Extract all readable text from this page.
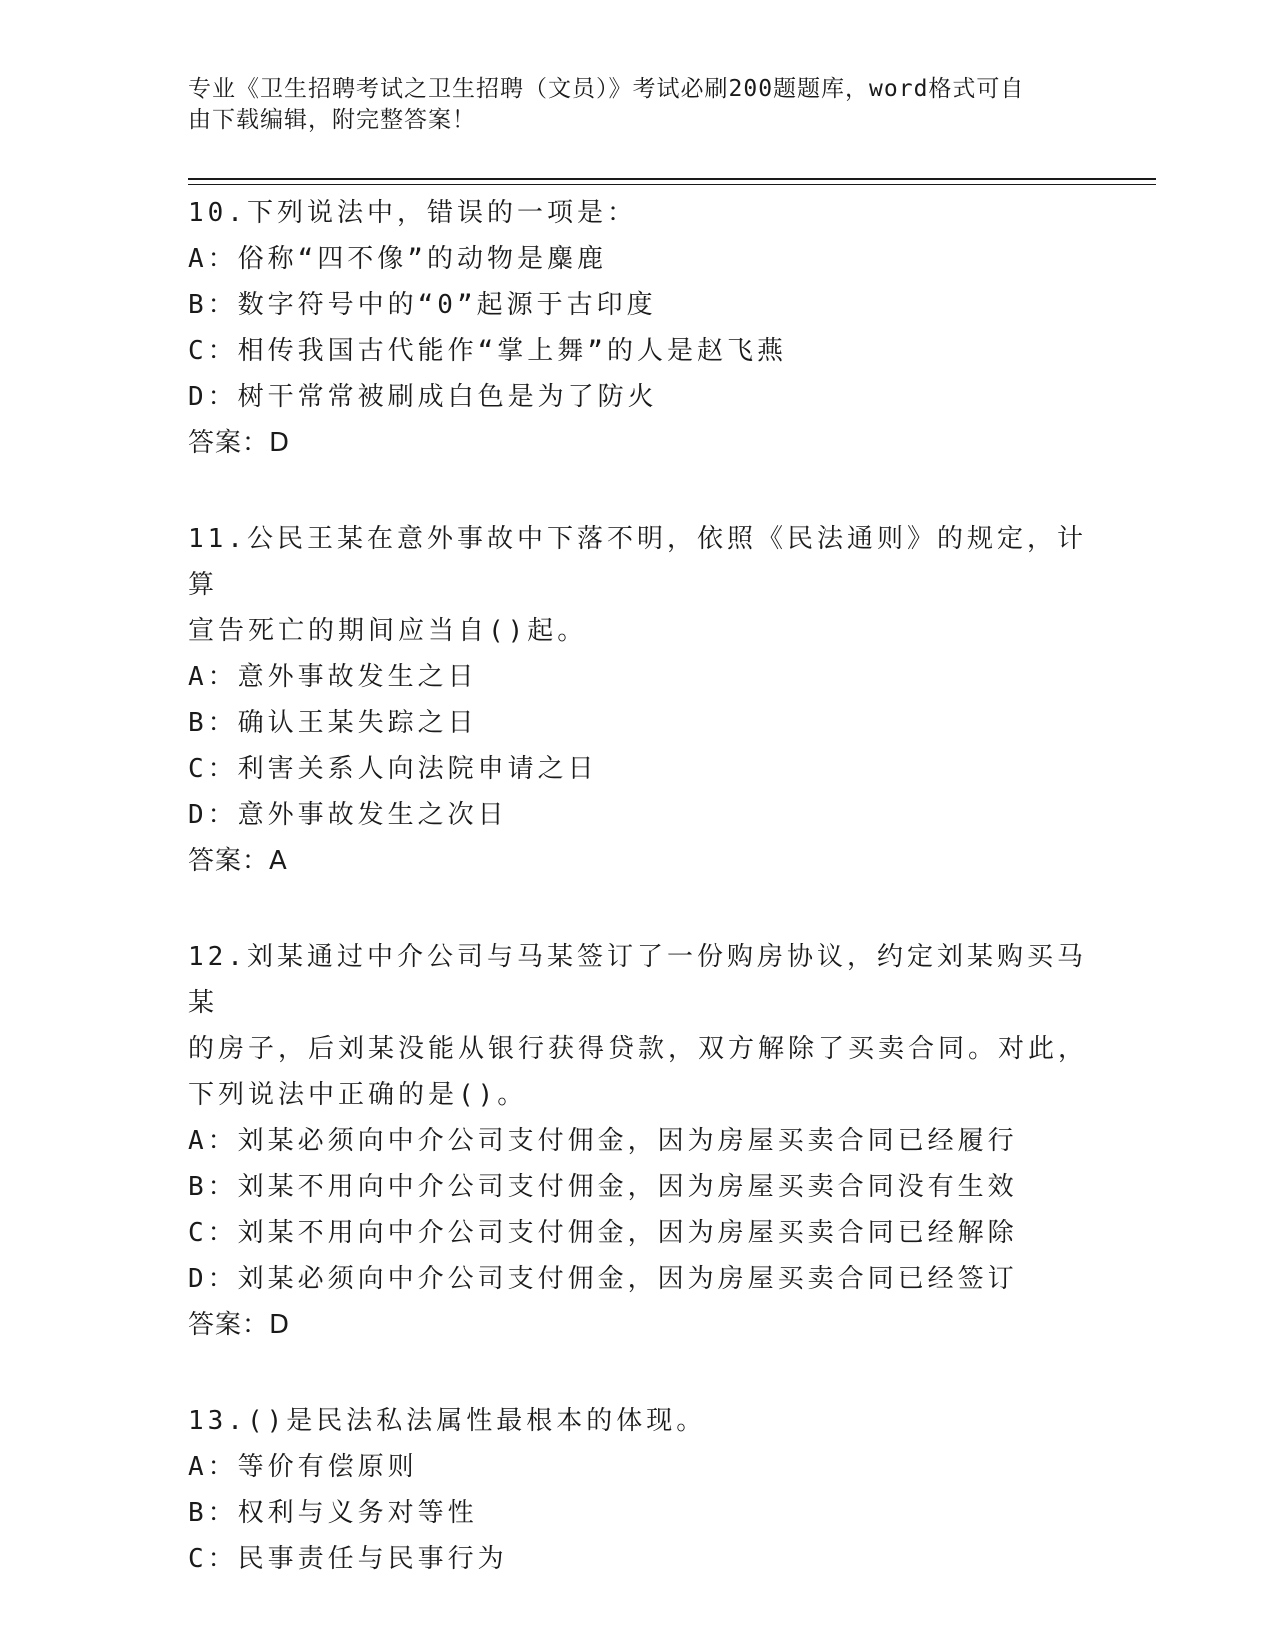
专业《卫生招聘考试之卫生招聘（文员）》考试必刷200题题库，word格式可自
由下载编辑，附完整答案！
10.下列说法中，错误的一项是：
A：俗称“四不像”的动物是麋鹿
B：数字符号中的“0”起源于古印度
C：相传我国古代能作“掌上舞”的人是赵飞燕
D：树干常常被刷成白色是为了防火
答案：D
11.公民王某在意外事故中下落不明，依照《民法通则》的规定，计算
宣告死亡的期间应当自()起。
A：意外事故发生之日
B：确认王某失踪之日
C：利害关系人向法院申请之日
D：意外事故发生之次日
答案：A
12.刘某通过中介公司与马某签订了一份购房协议，约定刘某购买马某
的房子，后刘某没能从银行获得贷款，双方解除了买卖合同。对此，
下列说法中正确的是()。
A：刘某必须向中介公司支付佣金，因为房屋买卖合同已经履行
B：刘某不用向中介公司支付佣金，因为房屋买卖合同没有生效
C：刘某不用向中介公司支付佣金，因为房屋买卖合同已经解除
D：刘某必须向中介公司支付佣金，因为房屋买卖合同已经签订
答案：D
13.()是民法私法属性最根本的体现。
A：等价有偿原则
B：权利与义务对等性
C：民事责任与民事行为
